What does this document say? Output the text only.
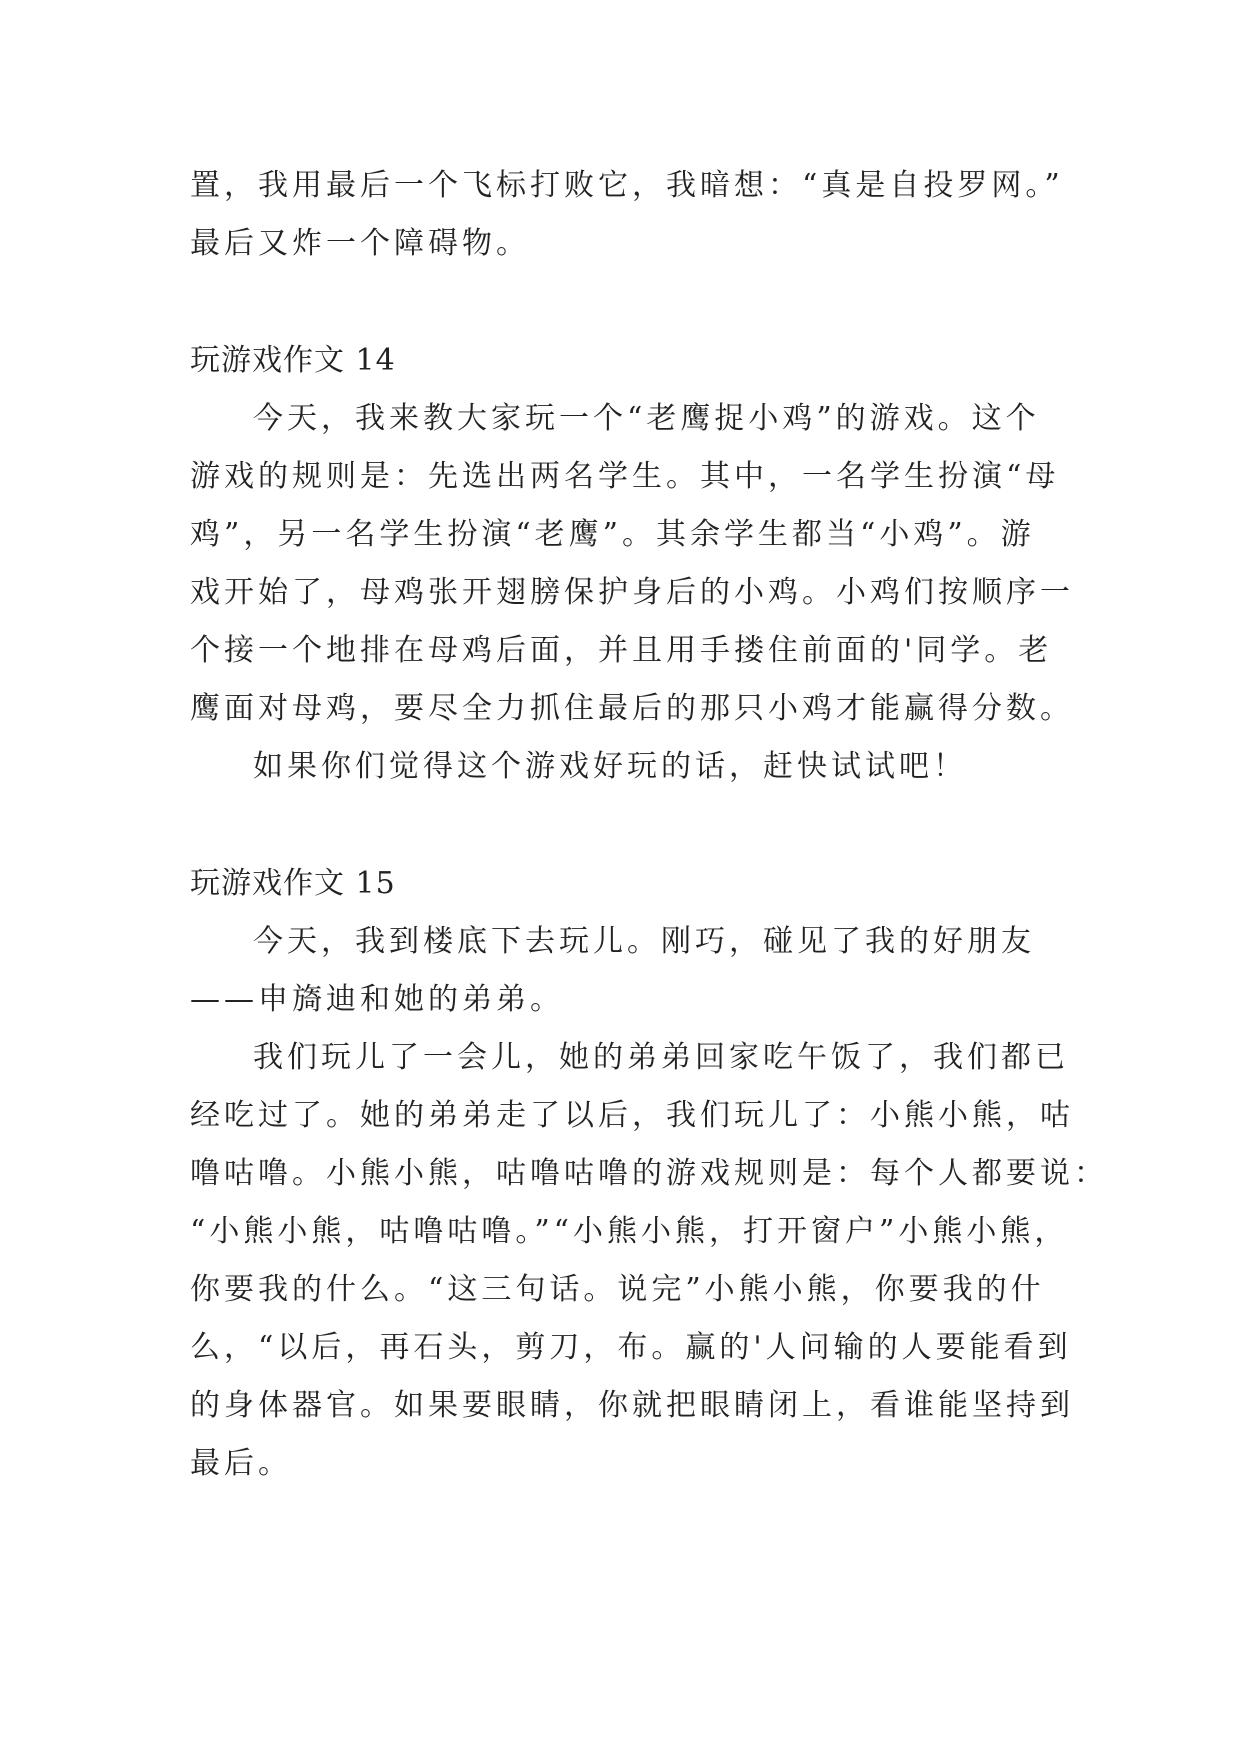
置，我用最后一个飞标打败它，我暗想：“真是自投罗网。”
最后又炸一个障碍物。
玩游戏作文 14
今天，我来教大家玩一个“老鹰捉小鸡”的游戏。这个
游戏的规则是：先选出两名学生。其中，一名学生扮演“母
鸡”，另一名学生扮演“老鹰”。其余学生都当“小鸡”。游
戏开始了，母鸡张开翅膀保护身后的小鸡。小鸡们按顺序一
个接一个地排在母鸡后面，并且用手搂住前面的'同学。老
鹰面对母鸡，要尽全力抓住最后的那只小鸡才能赢得分数。
如果你们觉得这个游戏好玩的话，赶快试试吧！
玩游戏作文 15
今天，我到楼底下去玩儿。刚巧，碰见了我的好朋友
——申旖迪和她的弟弟。
我们玩儿了一会儿，她的弟弟回家吃午饭了，我们都已
经吃过了。她的弟弟走了以后，我们玩儿了：小熊小熊，咕
噜咕噜。小熊小熊，咕噜咕噜的游戏规则是：每个人都要说：
“小熊小熊，咕噜咕噜。”“小熊小熊，打开窗户”小熊小熊，
你要我的什么。“这三句话。说完”小熊小熊，你要我的什
么，“以后，再石头，剪刀，布。赢的'人问输的人要能看到
的身体器官。如果要眼睛，你就把眼睛闭上，看谁能坚持到
最后。
